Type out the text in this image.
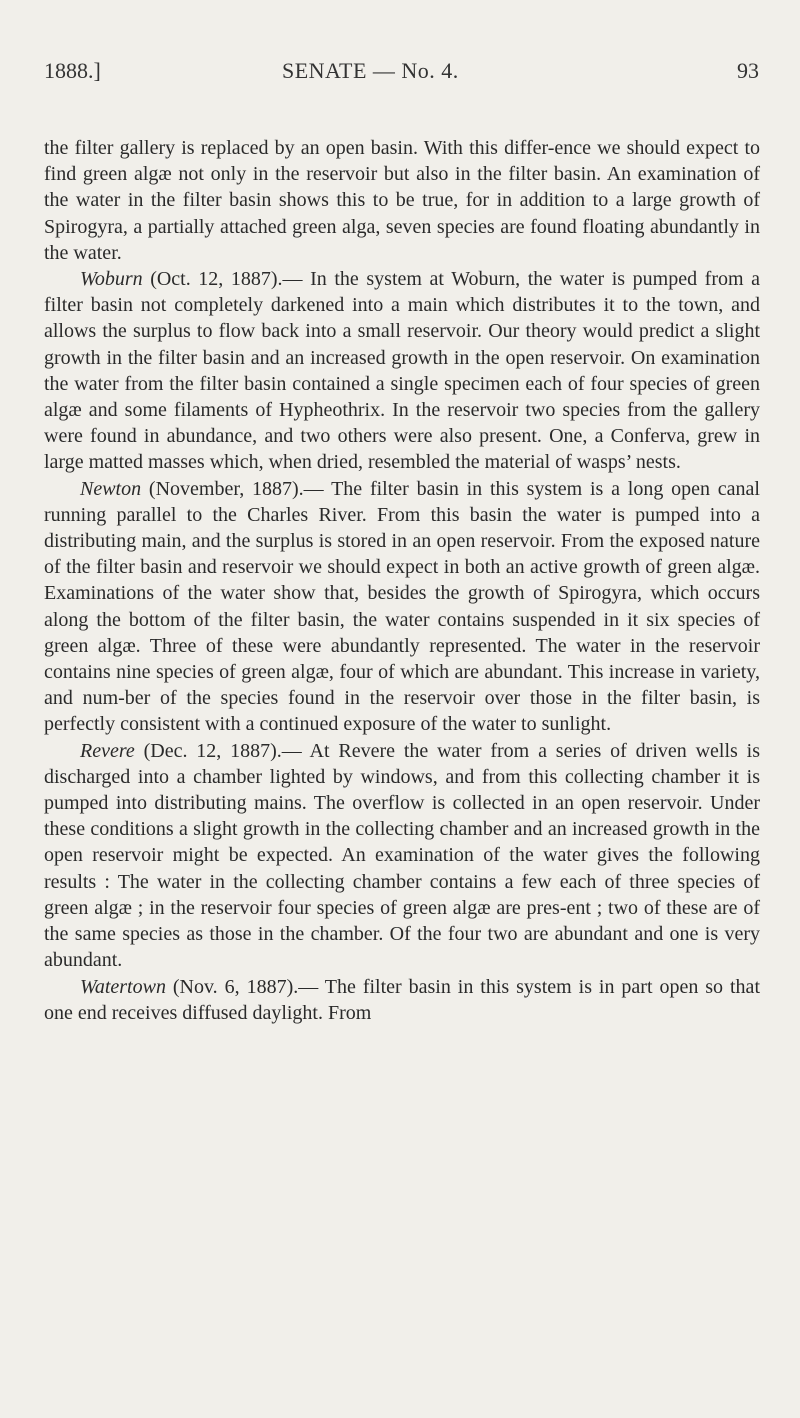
1888.]	SENATE — No. 4.	93

the filter gallery is replaced by an open basin. With this differ-ence we should expect to find green algæ not only in the reservoir but also in the filter basin. An examination of the water in the filter basin shows this to be true, for in addition to a large growth of Spirogyra, a partially attached green alga, seven species are found floating abundantly in the water.

Woburn (Oct. 12, 1887).— In the system at Woburn, the water is pumped from a filter basin not completely darkened into a main which distributes it to the town, and allows the surplus to flow back into a small reservoir. Our theory would predict a slight growth in the filter basin and an increased growth in the open reservoir. On examination the water from the filter basin contained a single specimen each of four species of green algæ and some filaments of Hypheothrix. In the reservoir two species from the gallery were found in abundance, and two others were also present. One, a Conferva, grew in large matted masses which, when dried, resembled the material of wasps’ nests.

Newton (November, 1887).— The filter basin in this system is a long open canal running parallel to the Charles River. From this basin the water is pumped into a distributing main, and the surplus is stored in an open reservoir. From the exposed nature of the filter basin and reservoir we should expect in both an active growth of green algæ. Examinations of the water show that, besides the growth of Spirogyra, which occurs along the bottom of the filter basin, the water contains suspended in it six species of green algæ. Three of these were abundantly represented. The water in the reservoir contains nine species of green algæ, four of which are abundant. This increase in variety, and num-ber of the species found in the reservoir over those in the filter basin, is perfectly consistent with a continued exposure of the water to sunlight.

Revere (Dec. 12, 1887).— At Revere the water from a series of driven wells is discharged into a chamber lighted by windows, and from this collecting chamber it is pumped into distributing mains. The overflow is collected in an open reservoir. Under these conditions a slight growth in the collecting chamber and an increased growth in the open reservoir might be expected. An examination of the water gives the following results : The water in the collecting chamber contains a few each of three species of green algæ ; in the reservoir four species of green algæ are pres-ent ; two of these are of the same species as those in the chamber. Of the four two are abundant and one is very abundant.

Watertown (Nov. 6, 1887).— The filter basin in this system is in part open so that one end receives diffused daylight. From
